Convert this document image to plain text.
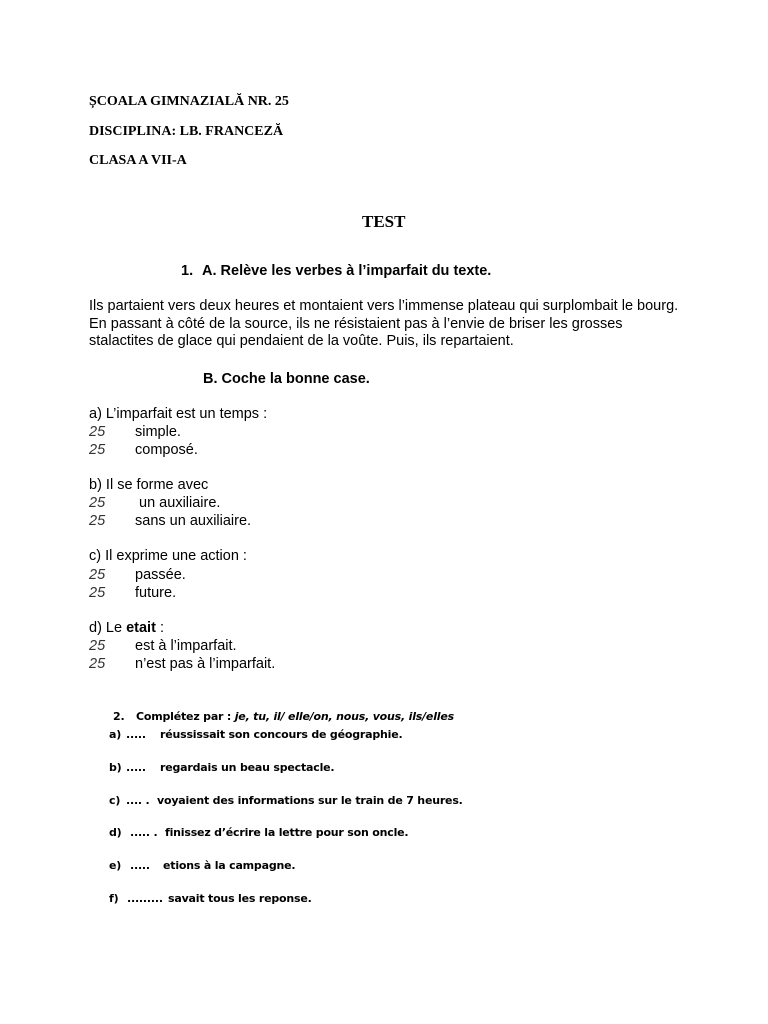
ȘCOALA GIMNAZIALĂ NR. 25
DISCIPLINA: LB. FRANCEZĂ
CLASA A VII-A
TEST
1. A. Relève les verbes à l’imparfait du texte.
Ils partaient vers deux heures et montaient vers l’immense plateau qui surplombait le bourg. En passant à côté de la source, ils ne résistaient pas à l’envie de briser les grosses stalactites de glace qui pendaient de la voûte. Puis, ils repartaient.
B. Coche la bonne case.
a) L’imparfait est un temps :
25 simple.
25 composé.
b) Il se forme avec
25 un auxiliaire.
25 sans un auxiliaire.
c) Il exprime une action :
25 passée.
25 future.
d) Le etait :
25 est à l’imparfait.
25 n’est pas à l’imparfait.
2. Complétez par : je, tu, il/ elle/on, nous, vous, ils/elles
a) ..... réussissait son concours de géographie.
b) ..... regardais un beau spectacle.
c) .... . voyaient des informations sur le train de 7 heures.
d) ..... . finissez d’écrire la lettre pour son oncle.
e) ..... etions à la campagne.
f) ......... savait tous les reponse.
